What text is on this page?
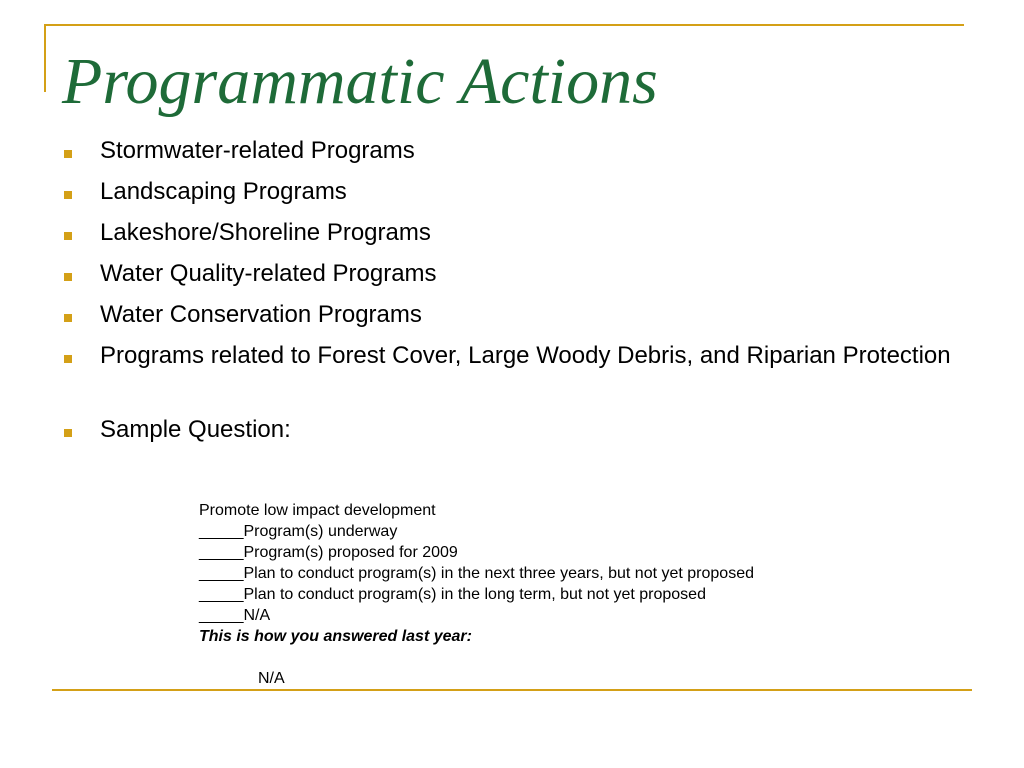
Programmatic Actions
Stormwater-related Programs
Landscaping Programs
Lakeshore/Shoreline Programs
Water Quality-related Programs
Water Conservation Programs
Programs related to Forest Cover, Large Woody Debris, and Riparian Protection
Sample Question:
Promote low impact development
_____Program(s) underway
_____Program(s) proposed for 2009
_____Plan to conduct program(s) in the next three years, but not yet proposed
_____Plan to conduct program(s) in the long term, but not yet proposed
_____N/A
This is how you answered last year:
N/A
